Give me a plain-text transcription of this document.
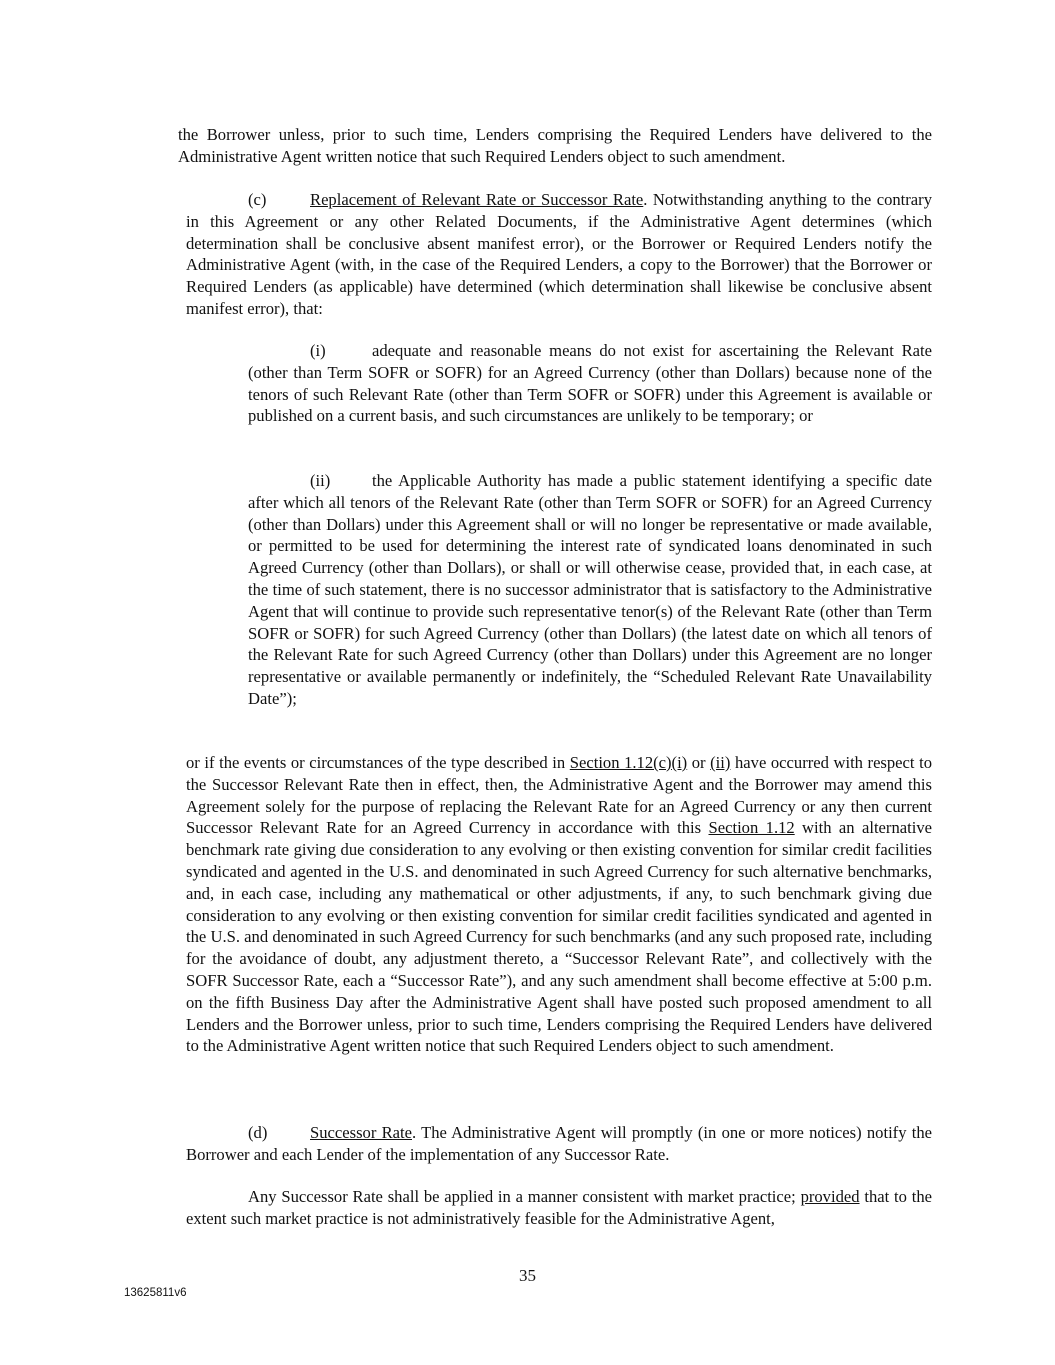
the Borrower unless, prior to such time, Lenders comprising the Required Lenders have delivered to the Administrative Agent written notice that such Required Lenders object to such amendment.

(c)	Replacement of Relevant Rate or Successor Rate. Notwithstanding anything to the contrary in this Agreement or any other Related Documents, if the Administrative Agent determines (which determination shall be conclusive absent manifest error), or the Borrower or Required Lenders notify the Administrative Agent (with, in the case of the Required Lenders, a copy to the Borrower) that the Borrower or Required Lenders (as applicable) have determined (which determination shall likewise be conclusive absent manifest error), that:

(i)	adequate and reasonable means do not exist for ascertaining the Relevant Rate (other than Term SOFR or SOFR) for an Agreed Currency (other than Dollars) because none of the tenors of such Relevant Rate (other than Term SOFR or SOFR) under this Agreement is available or published on a current basis, and such circumstances are unlikely to be temporary; or

(ii)	the Applicable Authority has made a public statement identifying a specific date after which all tenors of the Relevant Rate (other than Term SOFR or SOFR) for an Agreed Currency (other than Dollars) under this Agreement shall or will no longer be representative or made available, or permitted to be used for determining the interest rate of syndicated loans denominated in such Agreed Currency (other than Dollars), or shall or will otherwise cease, provided that, in each case, at the time of such statement, there is no successor administrator that is satisfactory to the Administrative Agent that will continue to provide such representative tenor(s) of the Relevant Rate (other than Term SOFR or SOFR) for such Agreed Currency (other than Dollars) (the latest date on which all tenors of the Relevant Rate for such Agreed Currency (other than Dollars) under this Agreement are no longer representative or available permanently or indefinitely, the “Scheduled Relevant Rate Unavailability Date”);

or if the events or circumstances of the type described in Section 1.12(c)(i) or (ii) have occurred with respect to the Successor Relevant Rate then in effect, then, the Administrative Agent and the Borrower may amend this Agreement solely for the purpose of replacing the Relevant Rate for an Agreed Currency or any then current Successor Relevant Rate for an Agreed Currency in accordance with this Section 1.12 with an alternative benchmark rate giving due consideration to any evolving or then existing convention for similar credit facilities syndicated and agented in the U.S. and denominated in such Agreed Currency for such alternative benchmarks, and, in each case, including any mathematical or other adjustments, if any, to such benchmark giving due consideration to any evolving or then existing convention for similar credit facilities syndicated and agented in the U.S. and denominated in such Agreed Currency for such benchmarks (and any such proposed rate, including for the avoidance of doubt, any adjustment thereto, a “Successor Relevant Rate”, and collectively with the SOFR Successor Rate, each a “Successor Rate”), and any such amendment shall become effective at 5:00 p.m. on the fifth Business Day after the Administrative Agent shall have posted such proposed amendment to all Lenders and the Borrower unless, prior to such time, Lenders comprising the Required Lenders have delivered to the Administrative Agent written notice that such Required Lenders object to such amendment.

(d)	Successor Rate. The Administrative Agent will promptly (in one or more notices) notify the Borrower and each Lender of the implementation of any Successor Rate.

Any Successor Rate shall be applied in a manner consistent with market practice; provided that to the extent such market practice is not administratively feasible for the Administrative Agent,

35
13625811v6
